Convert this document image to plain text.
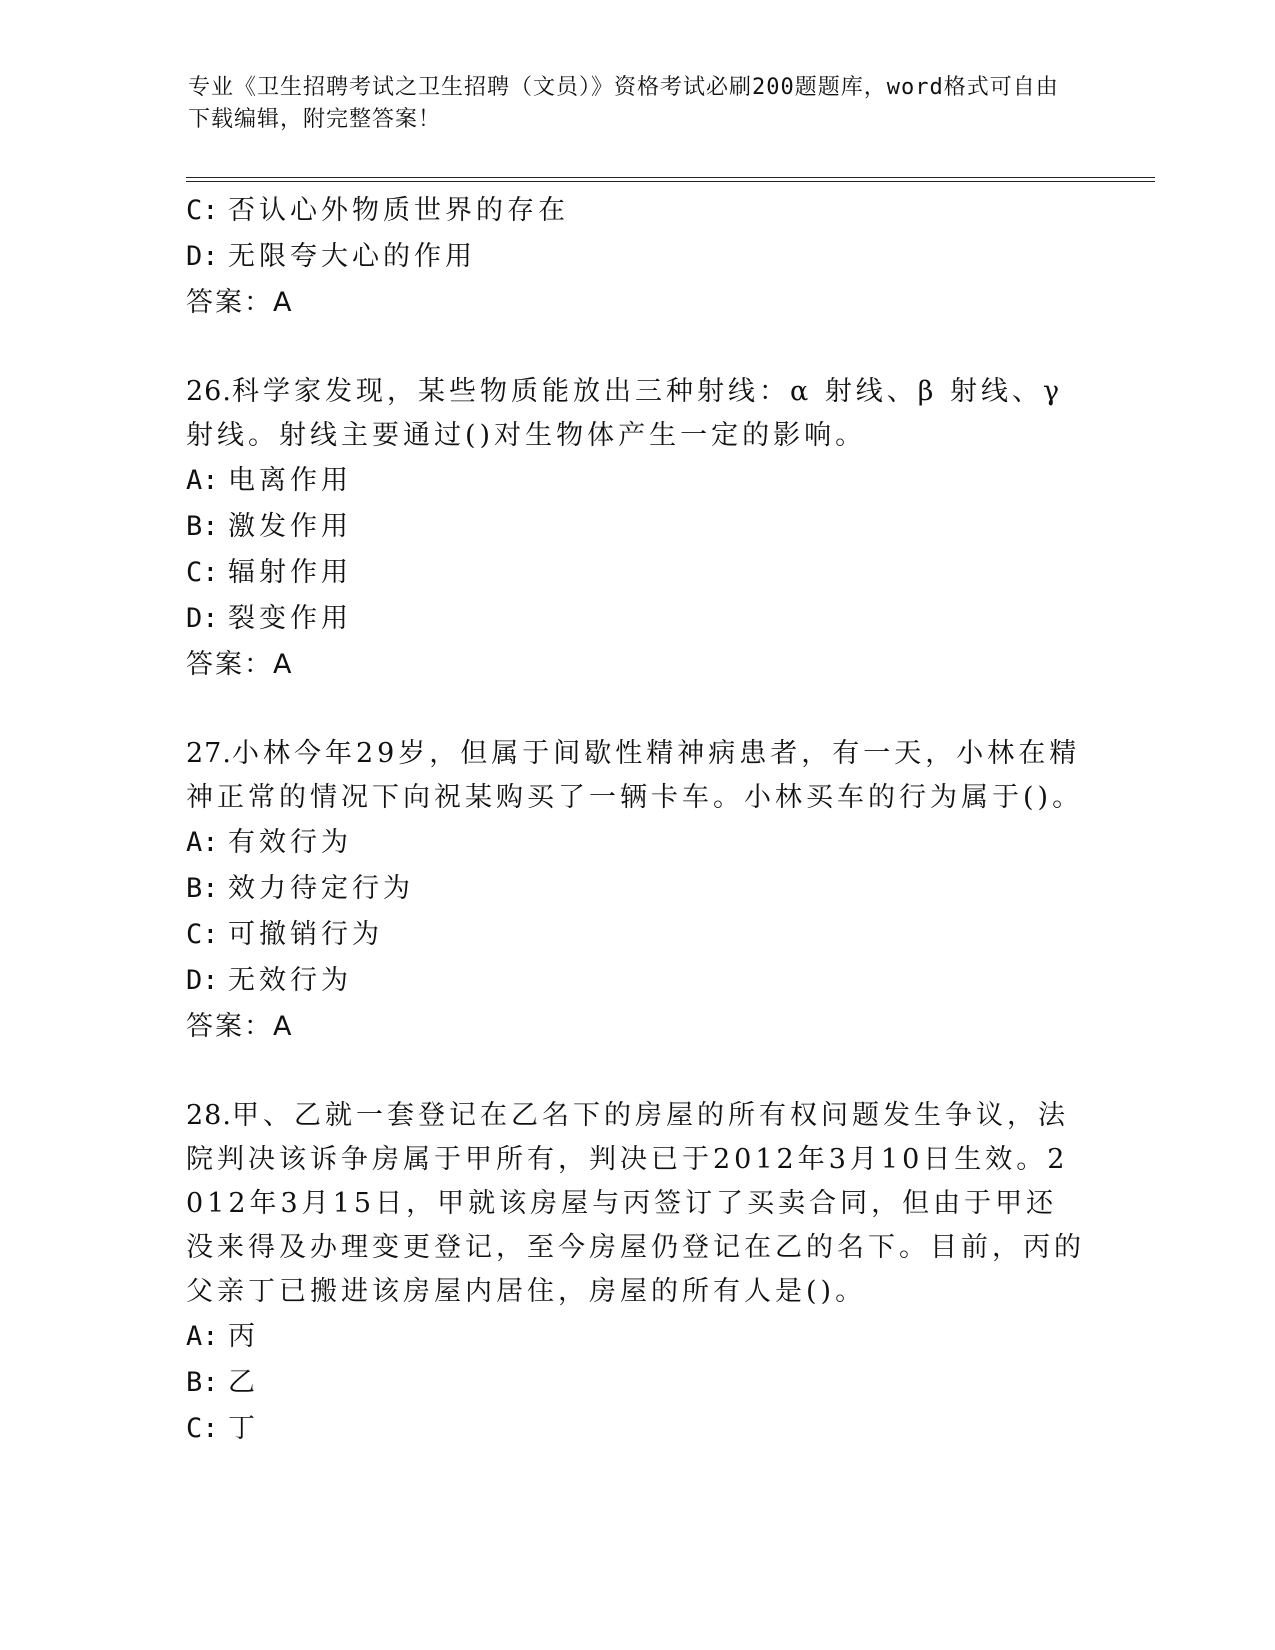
专业《卫生招聘考试之卫生招聘（文员）》资格考试必刷200题题库，word格式可自由下载编辑，附完整答案！
C: 否认心外物质世界的存在
D: 无限夸大心的作用
答案：A
26.科学家发现，某些物质能放出三种射线：α 射线、β 射线、γ 射线。射线主要通过()对生物体产生一定的影响。
A: 电离作用
B: 激发作用
C: 辐射作用
D: 裂变作用
答案：A
27.小林今年29岁，但属于间歇性精神病患者，有一天，小林在精神正常的情况下向祝某购买了一辆卡车。小林买车的行为属于()。
A: 有效行为
B: 效力待定行为
C: 可撤销行为
D: 无效行为
答案：A
28.甲、乙就一套登记在乙名下的房屋的所有权问题发生争议，法院判决该诉争房属于甲所有，判决已于2012年3月10日生效。2012年3月15日，甲就该房屋与丙签订了买卖合同，但由于甲还没来得及办理变更登记，至今房屋仍登记在乙的名下。目前，丙的父亲丁已搬进该房屋内居住，房屋的所有人是()。
A: 丙
B: 乙
C: 丁
